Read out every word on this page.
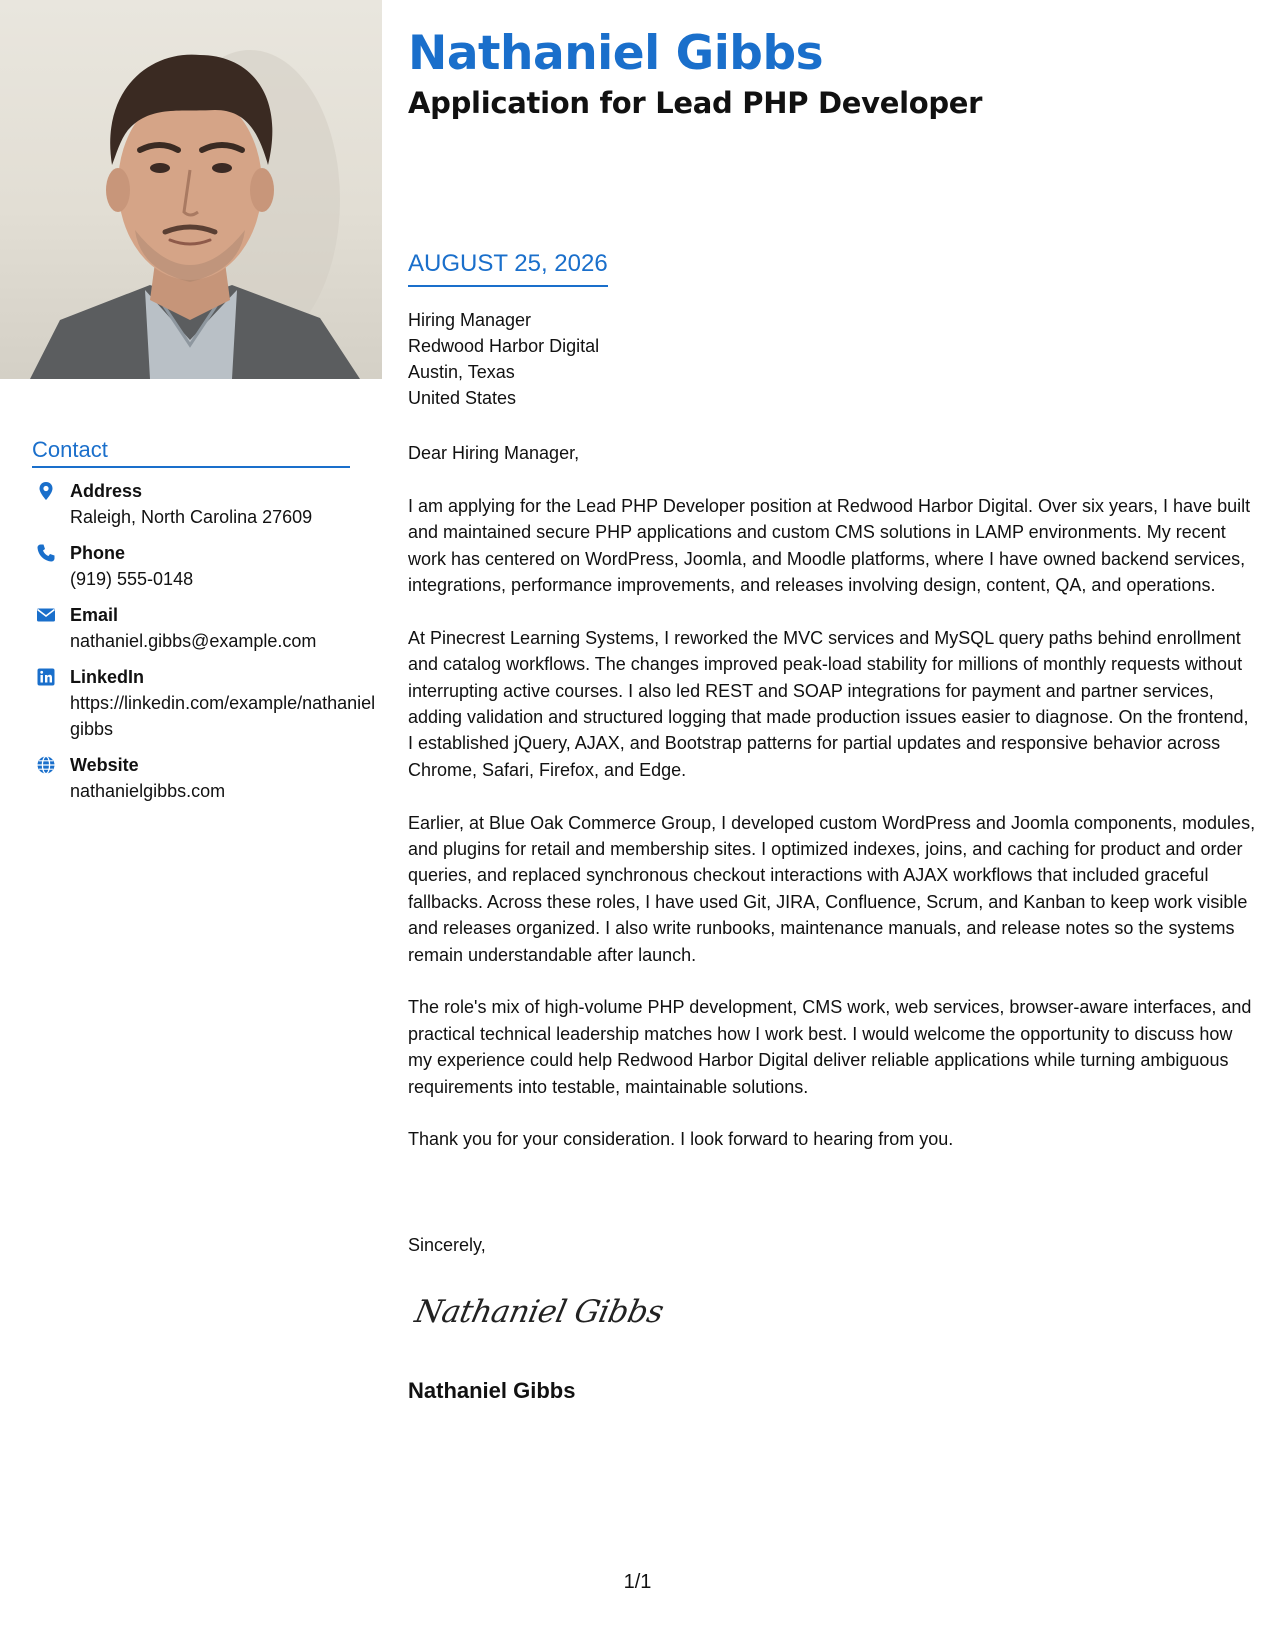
Nathaniel Gibbs
Application for Lead PHP Developer
AUGUST 25, 2026
Hiring Manager
Redwood Harbor Digital
Austin, Texas
United States

Dear Hiring Manager,

I am applying for the Lead PHP Developer position at Redwood Harbor Digital. Over six years, I have built and maintained secure PHP applications and custom CMS solutions in LAMP environments. My recent work has centered on WordPress, Joomla, and Moodle platforms, where I have owned backend services, integrations, performance improvements, and releases involving design, content, QA, and operations.

At Pinecrest Learning Systems, I reworked the MVC services and MySQL query paths behind enrollment and catalog workflows. The changes improved peak-load stability for millions of monthly requests without interrupting active courses. I also led REST and SOAP integrations for payment and partner services, adding validation and structured logging that made production issues easier to diagnose. On the frontend, I established jQuery, AJAX, and Bootstrap patterns for partial updates and responsive behavior across Chrome, Safari, Firefox, and Edge.

Earlier, at Blue Oak Commerce Group, I developed custom WordPress and Joomla components, modules, and plugins for retail and membership sites. I optimized indexes, joins, and caching for product and order queries, and replaced synchronous checkout interactions with AJAX workflows that included graceful fallbacks. Across these roles, I have used Git, JIRA, Confluence, Scrum, and Kanban to keep work visible and releases organized. I also write runbooks, maintenance manuals, and release notes so the systems remain understandable after launch.

The role's mix of high-volume PHP development, CMS work, web services, browser-aware interfaces, and practical technical leadership matches how I work best. I would welcome the opportunity to discuss how my experience could help Redwood Harbor Digital deliver reliable applications while turning ambiguous requirements into testable, maintainable solutions.

Thank you for your consideration. I look forward to hearing from you.

Sincerely,
Nathaniel Gibbs
Nathaniel Gibbs
Contact
Address
Raleigh, North Carolina 27609
Phone
(919) 555-0148
Email
nathaniel.gibbs@example.com
LinkedIn
https://linkedin.com/example/nathanielgibbs
Website
nathanielgibbs.com
1/1
